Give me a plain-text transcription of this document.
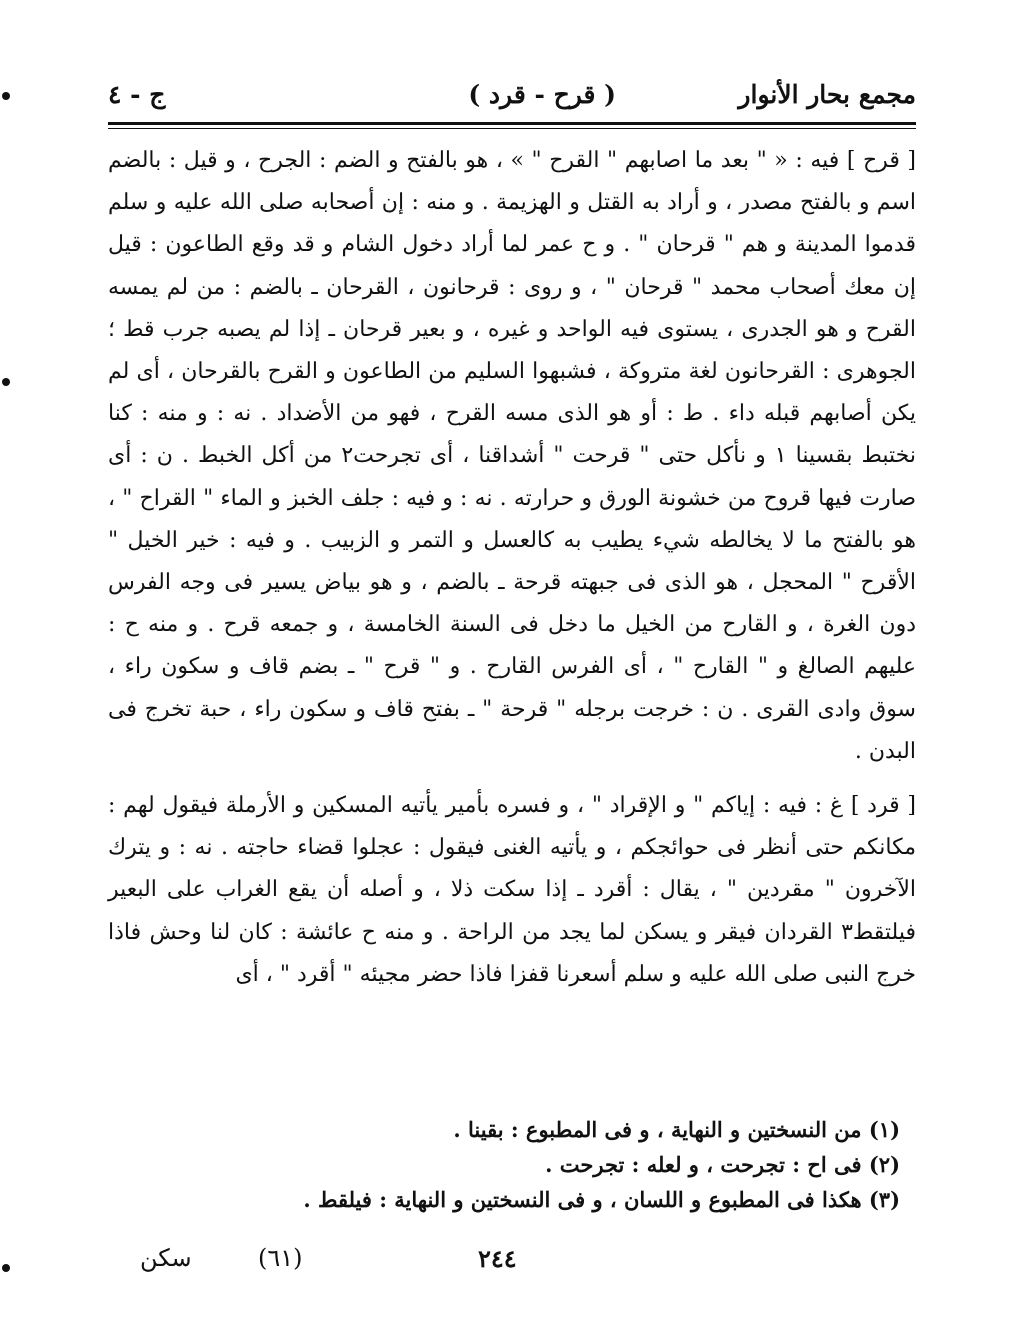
مجمع بحار الأنوار
( قرح - قرد )
ج - ٤

[ قرح ] فيه : « " بعد ما اصابهم " القرح " » ، هو بالفتح و الضم : الجرح ، و قيل : بالضم اسم و بالفتح مصدر ، و أراد به القتل و الهزيمة . و منه : إن أصحابه صلى الله عليه و سلم قدموا المدينة و هم " قرحان " . و ح عمر لما أراد دخول الشام و قد وقع الطاعون : قيل إن معك أصحاب محمد " قرحان " ، و روى : قرحانون ، القرحان ـ بالضم : من لم يمسه القرح و هو الجدرى ، يستوى فيه الواحد و غيره ، و بعير قرحان ـ إذا لم يصبه جرب قط ؛ الجوهرى : القرحانون لغة متروكة ، فشبهوا السليم من الطاعون و القرح بالقرحان ، أى لم يكن أصابهم قبله داء . ط : أو هو الذى مسه القرح ، فهو من الأضداد . نه : و منه : كنا نختبط بقسينا ١ و نأكل حتى " قرحت " أشداقنا ، أى تجرحت٢ من أكل الخبط . ن : أى صارت فيها قروح من خشونة الورق و حرارته . نه : و فيه : جلف الخبز و الماء " القراح " ، هو بالفتح ما لا يخالطه شيء يطيب به كالعسل و التمر و الزبيب . و فيه : خير الخيل " الأقرح " المحجل ، هو الذى فى جبهته قرحة ـ بالضم ، و هو بياض يسير فى وجه الفرس دون الغرة ، و القارح من الخيل ما دخل فى السنة الخامسة ، و جمعه قرح . و منه ح : عليهم الصالغ و " القارح " ، أى الفرس القارح . و " قرح " ـ بضم قاف و سكون راء ، سوق وادى القرى . ن : خرجت برجله " قرحة " ـ بفتح قاف و سكون راء ، حبة تخرج فى البدن .

[ قرد ] غ : فيه : إياكم " و الإقراد " ، و فسره بأمير يأتيه المسكين و الأرملة فيقول لهم : مكانكم حتى أنظر فى حوائجكم ، و يأتيه الغنى فيقول : عجلوا قضاء حاجته . نه : و يترك الآخرون " مقردين " ، يقال : أقرد ـ إذا سكت ذلا ، و أصله أن يقع الغراب على البعير فيلتقط٣ القردان فيقر و يسكن لما يجد من الراحة . و منه ح عائشة : كان لنا وحش فاذا خرج النبى صلى الله عليه و سلم أسعرنا قفزا فاذا حضر مجيئه " أقرد " ، أى

(١) من النسختين و النهاية ، و فى المطبوع : بقينا .
(٢) فى اح : تجرحت ، و لعله : تجرحت .
(٣) هكذا فى المطبوع و اللسان ، و فى النسختين و النهاية : فيلقط .
٢٤٤
(٦١)
سكن
